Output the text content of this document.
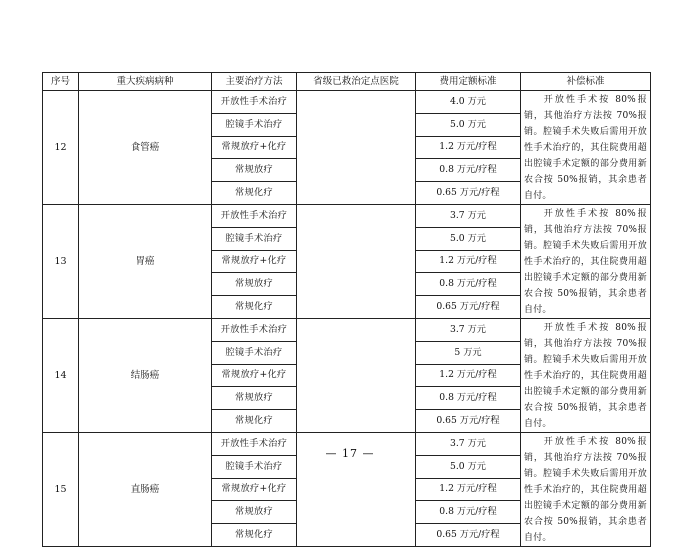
序号	重大疾病病种	主要治疗方法	省级已救治定点医院	费用定额标准	补偿标准
12	食管癌	开放性手术治疗		4.0 万元	开放性手术按 80%报销，其他治疗方法按 70%报销。腔镜手术失败后需用开放性手术治疗的，其住院费用超出腔镜手术定额的部分费用新农合按 50%报销，其余患者自付。
		腔镜手术治疗		5.0 万元	
		常规放疗+化疗		1.2 万元/疗程	
		常规放疗		0.8 万元/疗程	
		常规化疗		0.65 万元/疗程	
13	胃癌	开放性手术治疗		3.7 万元	开放性手术按 80%报销，其他治疗方法按 70%报销。腔镜手术失败后需用开放性手术治疗的，其住院费用超出腔镜手术定额的部分费用新农合按 50%报销，其余患者自付。
		腔镜手术治疗		5.0 万元	
		常规放疗+化疗		1.2 万元/疗程	
		常规放疗		0.8 万元/疗程	
		常规化疗		0.65 万元/疗程	
14	结肠癌	开放性手术治疗		3.7 万元	开放性手术按 80%报销，其他治疗方法按 70%报销。腔镜手术失败后需用开放性手术治疗的，其住院费用超出腔镜手术定额的部分费用新农合按 50%报销，其余患者自付。
		腔镜手术治疗		5 万元	
		常规放疗+化疗		1.2 万元/疗程	
		常规放疗		0.8 万元/疗程	
		常规化疗		0.65 万元/疗程	
15	直肠癌	开放性手术治疗		3.7 万元	开放性手术按 80%报销，其他治疗方法按 70%报销。腔镜手术失败后需用开放性手术治疗的，其住院费用超出腔镜手术定额的部分费用新农合按 50%报销，其余患者自付。
		腔镜手术治疗		5.0 万元	
		常规放疗+化疗		1.2 万元/疗程	
		常规放疗		0.8 万元/疗程	
		常规化疗		0.65 万元/疗程	
— 17 —
